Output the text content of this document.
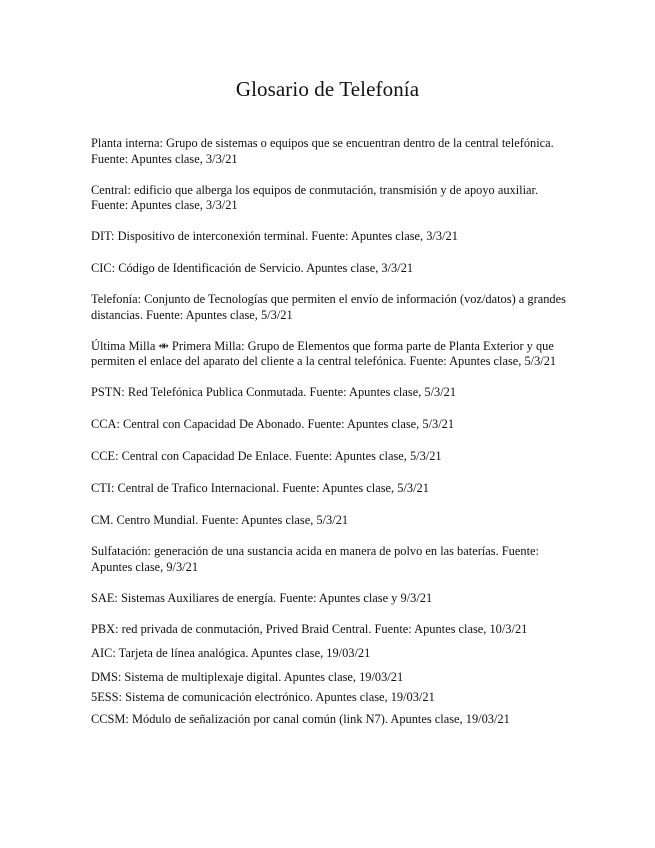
Glosario de Telefonía

Planta interna: Grupo de sistemas o equipos que se encuentran dentro de la central telefónica. Fuente: Apuntes clase, 3/3/21

Central: edificio que alberga los equipos de conmutación, transmisión y de apoyo auxiliar. Fuente: Apuntes clase, 3/3/21

DIT: Dispositivo de interconexión terminal. Fuente: Apuntes clase, 3/3/21

CIC: Código de Identificación de Servicio. Apuntes clase, 3/3/21

Telefonía: Conjunto de Tecnologías que permiten el envío de información (voz/datos) a grandes distancias. Fuente: Apuntes clase, 5/3/21

Última Milla ⇼ Primera Milla: Grupo de Elementos que forma parte de Planta Exterior y que permiten el enlace del aparato del cliente a la central telefónica. Fuente: Apuntes clase, 5/3/21

PSTN: Red Telefónica Publica Conmutada. Fuente: Apuntes clase, 5/3/21

CCA: Central con Capacidad De Abonado. Fuente: Apuntes clase, 5/3/21

CCE: Central con Capacidad De Enlace. Fuente: Apuntes clase, 5/3/21

CTI: Central de Trafico Internacional. Fuente: Apuntes clase, 5/3/21

CM. Centro Mundial. Fuente: Apuntes clase, 5/3/21

Sulfatación: generación de una sustancia acida en manera de polvo en las baterías. Fuente: Apuntes clase, 9/3/21

SAE: Sistemas Auxiliares de energía. Fuente: Apuntes clase y 9/3/21

PBX: red privada de conmutación, Prived Braid Central. Fuente: Apuntes clase, 10/3/21

AIC: Tarjeta de línea analógica. Apuntes clase, 19/03/21

DMS: Sistema de multiplexaje digital. Apuntes clase, 19/03/21

5ESS: Sistema de comunicación electrónico. Apuntes clase, 19/03/21

CCSM: Módulo de señalización por canal común (link N7). Apuntes clase, 19/03/21
